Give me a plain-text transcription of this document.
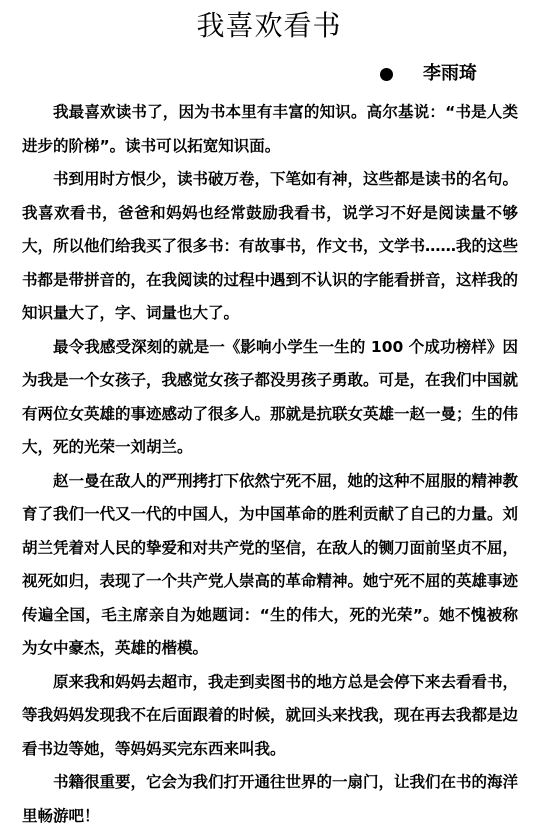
我喜欢看书
李雨琦

我最喜欢读书了，因为书本里有丰富的知识。高尔基说：“书是人类进步的阶梯”。读书可以拓宽知识面。

书到用时方恨少，读书破万卷，下笔如有神，这些都是读书的名句。我喜欢看书，爸爸和妈妈也经常鼓励我看书，说学习不好是阅读量不够大，所以他们给我买了很多书：有故事书，作文书，文学书……我的这些书都是带拼音的，在我阅读的过程中遇到不认识的字能看拼音，这样我的知识量大了，字、词量也大了。

最令我感受深刻的就是一《影响小学生一生的 100 个成功榜样》因为我是一个女孩子，我感觉女孩子都没男孩子勇敢。可是，在我们中国就有两位女英雄的事迹感动了很多人。那就是抗联女英雄一赵一曼；生的伟大，死的光荣一刘胡兰。

赵一曼在敌人的严刑拷打下依然宁死不屈，她的这种不屈服的精神教育了我们一代又一代的中国人，为中国革命的胜利贡献了自己的力量。刘胡兰凭着对人民的挚爱和对共产党的坚信，在敌人的铡刀面前坚贞不屈，视死如归，表现了一个共产党人崇高的革命精神。她宁死不屈的英雄事迹传遍全国，毛主席亲自为她题词：“生的伟大，死的光荣”。她不愧被称为女中豪杰，英雄的楷模。

原来我和妈妈去超市，我走到卖图书的地方总是会停下来去看看书，等我妈妈发现我不在后面跟着的时候，就回头来找我，现在再去我都是边看书边等她，等妈妈买完东西来叫我。

书籍很重要，它会为我们打开通往世界的一扇门，让我们在书的海洋里畅游吧！
